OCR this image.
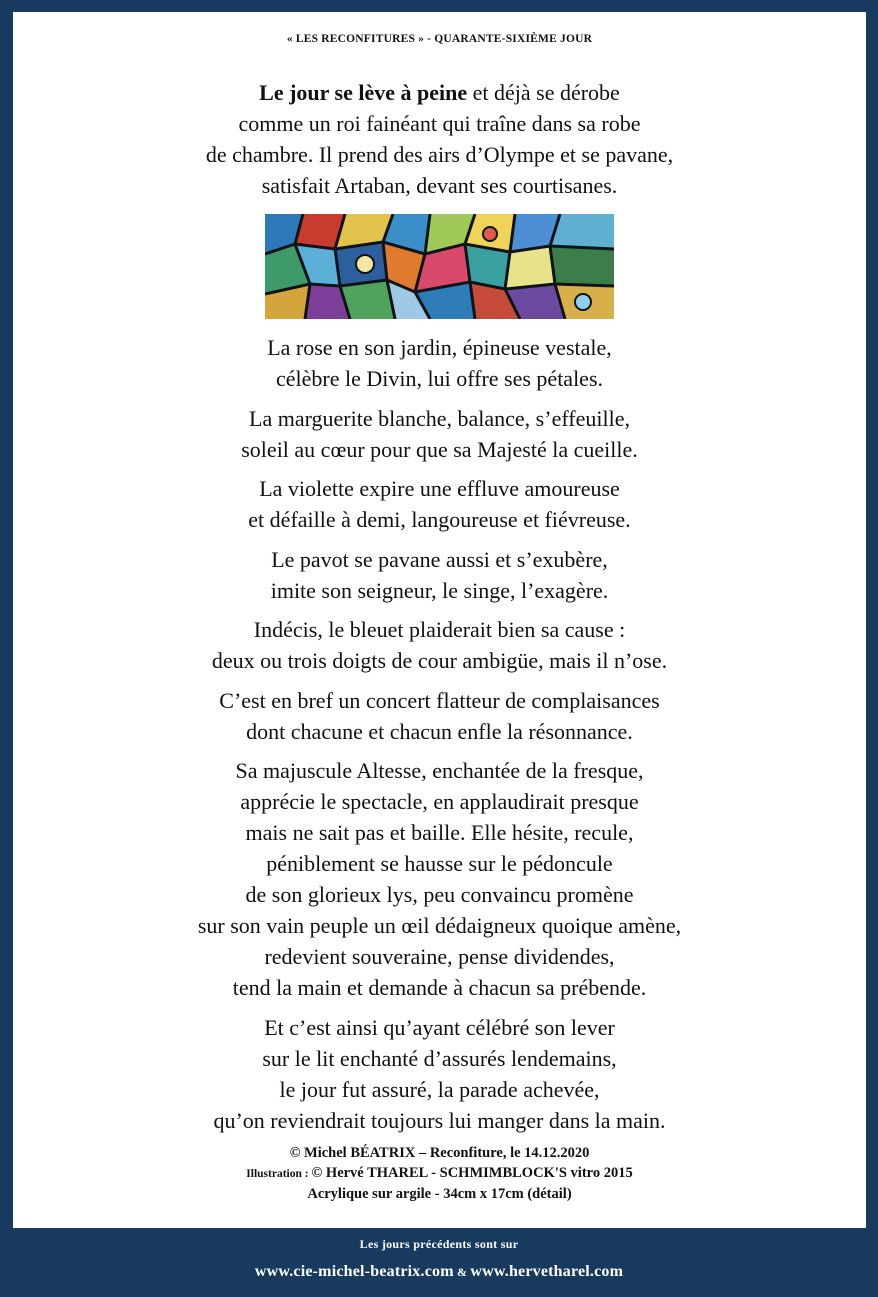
« LES RECONFITURES » - QUARANTE-SIXIÈME JOUR
Le jour se lève à peine et déjà se dérobe
comme un roi fainéant qui traîne dans sa robe
de chambre. Il prend des airs d’Olympe et se pavane,
satisfait Artaban, devant ses courtisanes.
La rose en son jardin, épineuse vestale,
célèbre le Divin, lui offre ses pétales.
La marguerite blanche, balance, s’effeuille,
soleil au cœur pour que sa Majesté la cueille.
La violette expire une effluve amoureuse
et défaille à demi, langoureuse et fiévreuse.
Le pavot se pavane aussi et s’exubère,
imite son seigneur, le singe, l’exagère.
Indécis, le bleuet plaiderait bien sa cause :
deux ou trois doigts de cour ambigüe, mais il n’ose.
C’est en bref un concert flatteur de complaisances
dont chacune et chacun enfle la résonnance.
Sa majuscule Altesse, enchantée de la fresque,
apprécie le spectacle, en applaudirait presque
mais ne sait pas et baille. Elle hésite, recule,
péniblement se hausse sur le pédoncule
de son glorieux lys, peu convaincu promène
sur son vain peuple un œil dédaigneux quoique amène,
redevient souveraine, pense dividendes,
tend la main et demande à chacun sa prébende.
Et c’est ainsi qu’ayant célébré son lever
sur le lit enchanté d’assurés lendemains,
le jour fut assuré, la parade achevée,
qu’on reviendrait toujours lui manger dans la main.
© Michel BÉATRIX – Reconfiture, le 14.12.2020
Illustration : © Hervé THAREL - SCHMIMBLOCK'S vitro 2015
Acrylique sur argile - 34cm x 17cm (détail)
Les jours précédents sont sur
www.cie-michel-beatrix.com & www.hervetharel.com
